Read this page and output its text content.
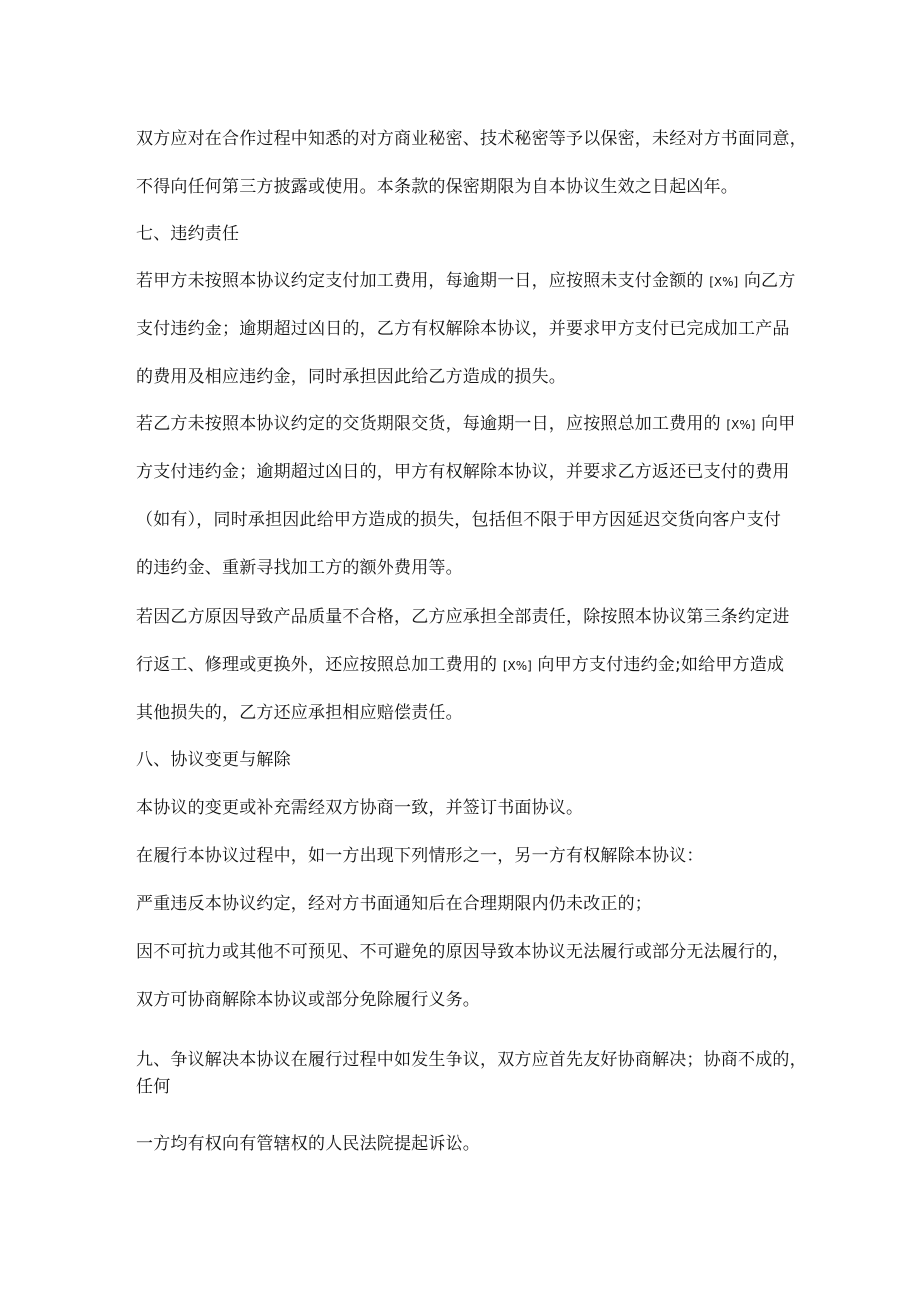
双方应对在合作过程中知悉的对方商业秘密、技术秘密等予以保密，未经对方书面同意，
不得向任何第三方披露或使用。本条款的保密期限为自本协议生效之日起凶年。
七、违约责任
若甲方未按照本协议约定支付加工费用，每逾期一日，应按照未支付金额的 [X%] 向乙方
支付违约金；逾期超过凶日的，乙方有权解除本协议，并要求甲方支付已完成加工产品
的费用及相应违约金，同时承担因此给乙方造成的损失。
若乙方未按照本协议约定的交货期限交货，每逾期一日，应按照总加工费用的 [X%] 向甲
方支付违约金；逾期超过凶日的，甲方有权解除本协议，并要求乙方返还已支付的费用
（如有），同时承担因此给甲方造成的损失，包括但不限于甲方因延迟交货向客户支付
的违约金、重新寻找加工方的额外费用等。
若因乙方原因导致产品质量不合格，乙方应承担全部责任，除按照本协议第三条约定进
行返工、修理或更换外，还应按照总加工费用的 [X%] 向甲方支付违约金;如给甲方造成
其他损失的，乙方还应承担相应赔偿责任。
八、协议变更与解除
本协议的变更或补充需经双方协商一致，并签订书面协议。
在履行本协议过程中，如一方出现下列情形之一，另一方有权解除本协议：
严重违反本协议约定，经对方书面通知后在合理期限内仍未改正的；
因不可抗力或其他不可预见、不可避免的原因导致本协议无法履行或部分无法履行的，
双方可协商解除本协议或部分免除履行义务。
九、争议解决本协议在履行过程中如发生争议，双方应首先友好协商解决；协商不成的，
任何
一方均有权向有管辖权的人民法院提起诉讼。
